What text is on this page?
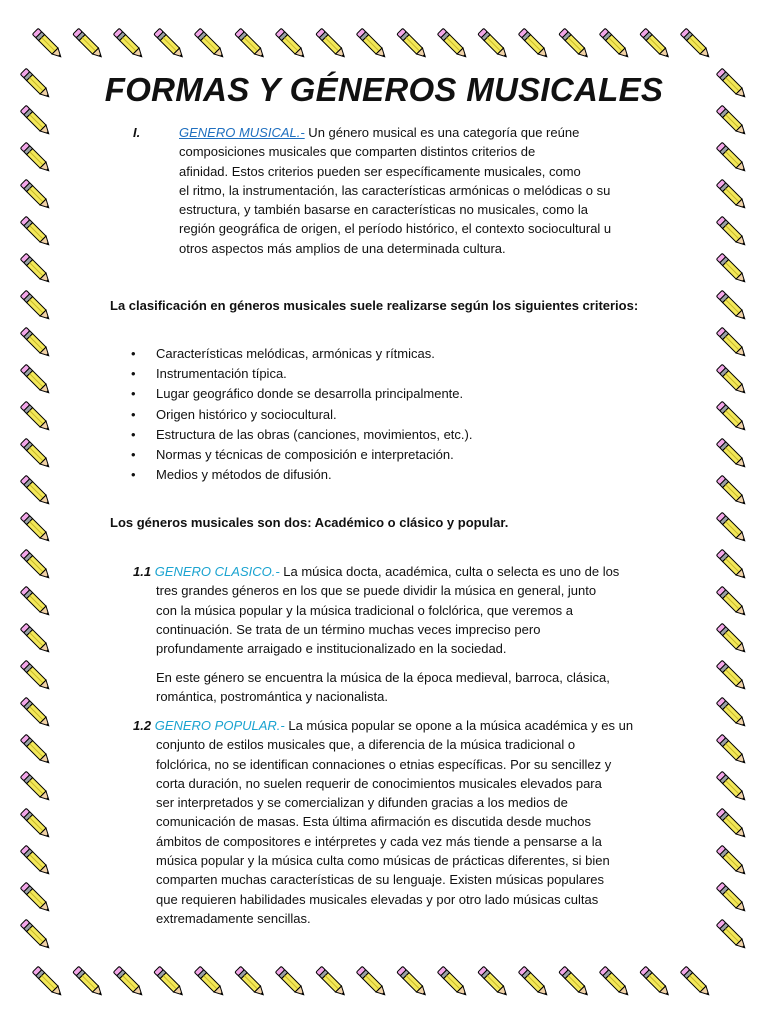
FORMAS Y GÉNEROS MUSICALES
I.	GENERO MUSICAL.- Un género musical es una categoría que reúne
composiciones musicales que comparten distintos criterios de
afinidad. Estos criterios pueden ser específicamente musicales, como
el ritmo, la instrumentación, las características armónicas o melódicas o su
estructura, y también basarse en características no musicales, como la
región geográfica de origen, el período histórico, el contexto sociocultural u
otros aspectos más amplios de una determinada cultura.
La clasificación en géneros musicales suele realizarse según los siguientes criterios:
•	Características melódicas, armónicas y rítmicas.
•	Instrumentación típica.
•	Lugar geográfico donde se desarrolla principalmente.
•	Origen histórico y sociocultural.
•	Estructura de las obras (canciones, movimientos, etc.).
•	Normas y técnicas de composición e interpretación.
•	Medios y métodos de difusión.
Los géneros musicales son dos: Académico o clásico y popular.
1.1 GENERO CLASICO.- La música docta, académica, culta o selecta es uno de los
tres grandes géneros en los que se puede dividir la música en general, junto
con la música popular y la música tradicional o folclórica, que veremos a
continuación. Se trata de un término muchas veces impreciso pero
profundamente arraigado e institucionalizado en la sociedad.
En este género se encuentra la música de la época medieval, barroca, clásica,
romántica, postromántica y nacionalista.
1.2 GENERO POPULAR.- La música popular se opone a la música académica y es un
conjunto de estilos musicales que, a diferencia de la música tradicional o
folclórica, no se identifican connaciones o etnias específicas. Por su sencillez y
corta duración, no suelen requerir de conocimientos musicales elevados para
ser interpretados y se comercializan y difunden gracias a los medios de
comunicación de masas. Esta última afirmación es discutida desde muchos
ámbitos de compositores e intérpretes y cada vez más tiende a pensarse a la
música popular y la música culta como músicas de prácticas diferentes, si bien
comparten muchas características de su lenguaje. Existen músicas populares
que requieren habilidades musicales elevadas y por otro lado músicas cultas
extremadamente sencillas.
